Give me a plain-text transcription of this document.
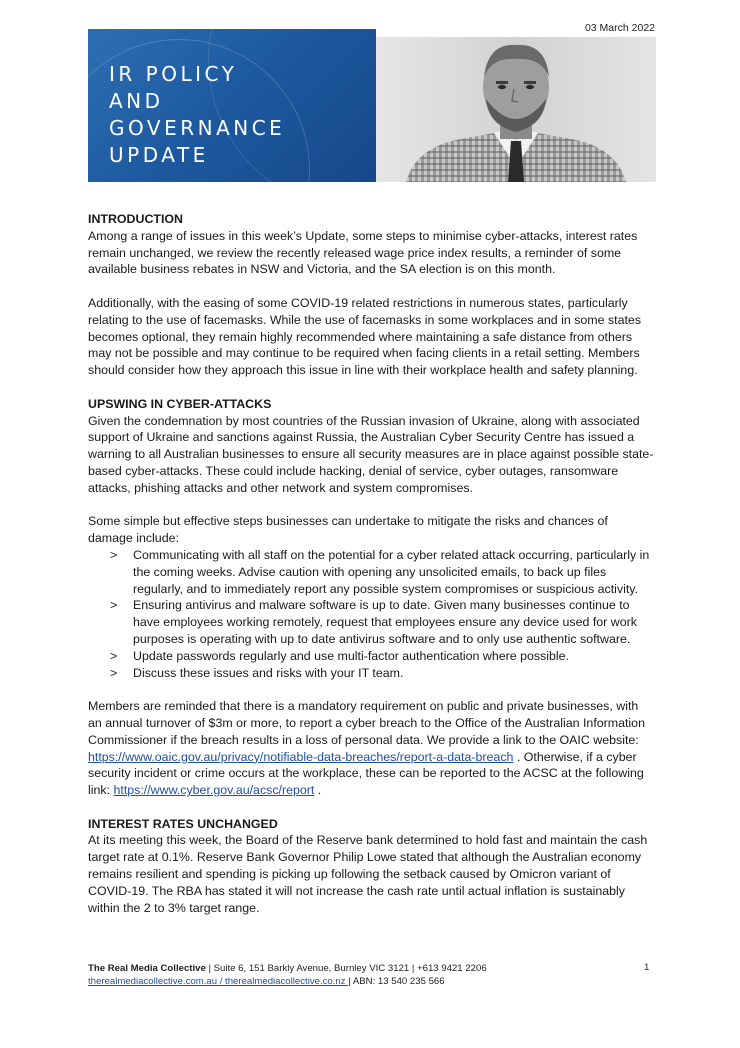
03 March 2022
IR POLICY
AND
GOVERNANCE
UPDATE
INTRODUCTION

Among a range of issues in this week’s Update, some steps to minimise cyber-attacks, interest rates remain unchanged, we review the recently released wage price index results, a reminder of some available business rebates in NSW and Victoria, and the SA election is on this month.

Additionally, with the easing of some COVID-19 related restrictions in numerous states, particularly relating to the use of facemasks. While the use of facemasks in some workplaces and in some states becomes optional, they remain highly recommended where maintaining a safe distance from others may not be possible and may continue to be required when facing clients in a retail setting. Members should consider how they approach this issue in line with their workplace health and safety planning.

UPSWING IN CYBER-ATTACKS

Given the condemnation by most countries of the Russian invasion of Ukraine, along with associated support of Ukraine and sanctions against Russia, the Australian Cyber Security Centre has issued a warning to all Australian businesses to ensure all security measures are in place against possible state-based cyber-attacks. These could include hacking, denial of service, cyber outages, ransomware attacks, phishing attacks and other network and system compromises.

Some simple but effective steps businesses can undertake to mitigate the risks and chances of damage include:

> Communicating with all staff on the potential for a cyber related attack occurring, particularly in the coming weeks. Advise caution with opening any unsolicited emails, to back up files regularly, and to immediately report any possible system compromises or suspicious activity.
> Ensuring antivirus and malware software is up to date. Given many businesses continue to have employees working remotely, request that employees ensure any device used for work purposes is operating with up to date antivirus software and to only use authentic software.
> Update passwords regularly and use multi-factor authentication where possible.
> Discuss these issues and risks with your IT team.

Members are reminded that there is a mandatory requirement on public and private businesses, with an annual turnover of $3m or more, to report a cyber breach to the Office of the Australian Information Commissioner if the breach results in a loss of personal data. We provide a link to the OAIC website: https://www.oaic.gov.au/privacy/notifiable-data-breaches/report-a-data-breach . Otherwise, if a cyber security incident or crime occurs at the workplace, these can be reported to the ACSC at the following link: https://www.cyber.gov.au/acsc/report .

INTEREST RATES UNCHANGED

At its meeting this week, the Board of the Reserve bank determined to hold fast and maintain the cash target rate at 0.1%. Reserve Bank Governor Philip Lowe stated that although the Australian economy remains resilient and spending is picking up following the setback caused by Omicron variant of COVID-19. The RBA has stated it will not increase the cash rate until actual inflation is sustainably within the 2 to 3% target range.

The Real Media Collective | Suite 6, 151 Barkly Avenue, Burnley VIC 3121 | +613 9421 2206
therealmediacollective.com.au / therealmediacollective.co.nz | ABN: 13 540 235 566
1
